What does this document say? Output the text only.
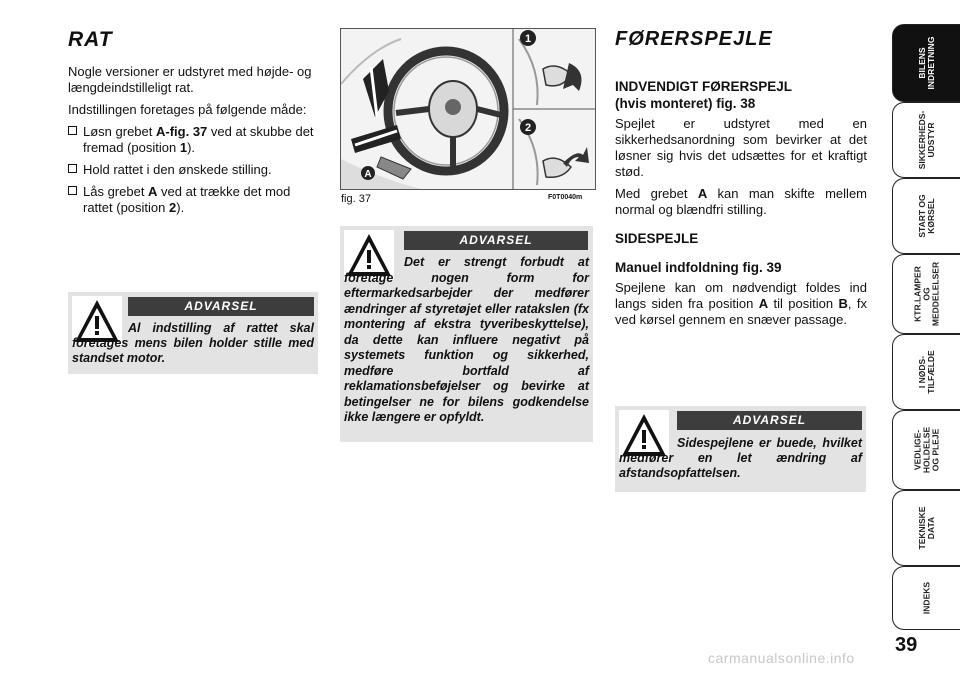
RAT

Nogle versioner er udstyret med højde- og længdeindstilleligt rat.

Indstillingen foretages på følgende måde:

Løsn grebet A-fig. 37 ved at skubbe det fremad (position 1).

Hold rattet i den ønskede stilling.

Lås grebet A ved at trække det mod rattet (position 2).

ADVARSEL
Al indstilling af rattet skal foretages mens bilen holder stille med standset motor.
1
2
A
fig. 37	F0T0040m
ADVARSEL
Det er strengt forbudt at foretage nogen form for eftermarkedsarbejder der medfører ændringer af styretøjet eller ratakslen (fx montering af ekstra tyveribeskyttelse), da dette kan influere negativt på systemets funktion og sikkerhed, medføre bortfald af reklamationsbeføjelser og bevirke at betingelser ne for bilens godkendelse ikke længere er opfyldt.
FØRERSPEJLE
INDVENDIGT FØRERSPEJL
(hvis monteret) fig. 38

Spejlet er udstyret med en sikkerhedsanordning som bevirker at det løsner sig hvis det udsættes for et kraftigt stød.

Med grebet A kan man skifte mellem normal og blændfri stilling.

SIDESPEJLE
Manuel indfoldning fig. 39

Spejlene kan om nødvendigt foldes ind langs siden fra position A til position B, fx ved kørsel gennem en snæver passage.

ADVARSEL
Sidespejlene er buede, hvilket medfører en let ændring af afstandsopfattelsen.
BILENS
INDRETNING
SIKKERHEDS-
UDSTYR
START OG
KØRSEL
KTR.LAMPER
OG
MEDDELELSER
I NØDS-
TILFÆLDE
VEDLIGE-
HOLDELSE
OG PLEJE
TEKNISKE
DATA
INDEKS
39
carmanualsonline.info
